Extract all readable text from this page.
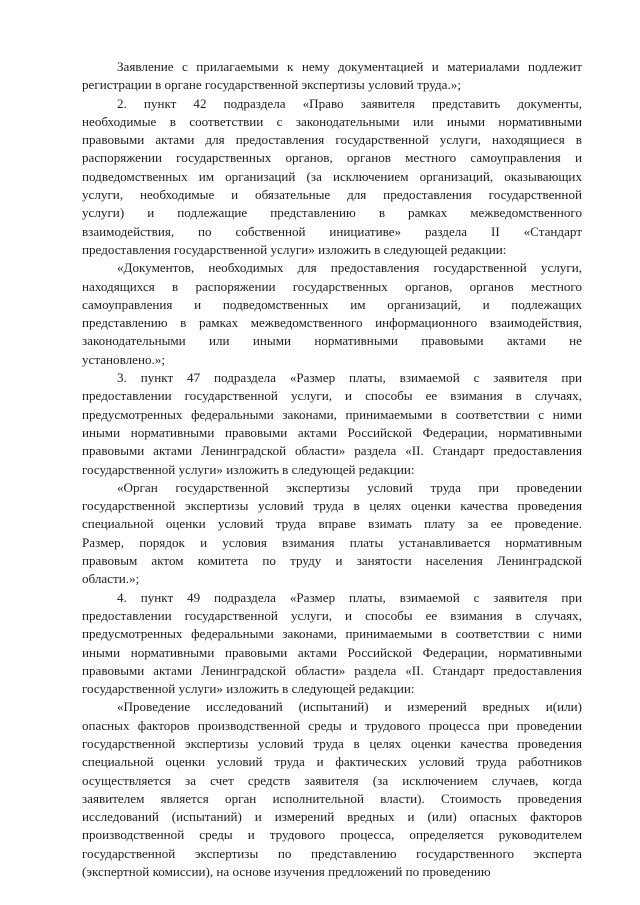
Заявление с прилагаемыми к нему документацией и материалами подлежит
регистрации в органе государственной экспертизы условий труда.»;
2. пункт 42 подраздела «Право заявителя представить документы,
необходимые в соответствии с законодательными или иными нормативными
правовыми актами для предоставления государственной услуги, находящиеся в
распоряжении государственных органов, органов местного самоуправления и
подведомственных им организаций (за исключением организаций, оказывающих
услуги, необходимые и обязательные для предоставления государственной
услуги) и подлежащие представлению в рамках межведомственного
взаимодействия, по собственной инициативе» раздела II «Стандарт
предоставления государственной услуги» изложить в следующей редакции:
«Документов, необходимых для предоставления государственной услуги,
находящихся в распоряжении государственных органов, органов местного
самоуправления и подведомственных им организаций, и подлежащих
представлению в рамках межведомственного информационного взаимодействия,
законодательными или иными нормативными правовыми актами не
установлено.»;
3. пункт 47 подраздела «Размер платы, взимаемой с заявителя при
предоставлении государственной услуги, и способы ее взимания в случаях,
предусмотренных федеральными законами, принимаемыми в соответствии с ними
иными нормативными правовыми актами Российской Федерации, нормативными
правовыми актами Ленинградской области» раздела «II. Стандарт предоставления
государственной услуги» изложить в следующей редакции:
«Орган государственной экспертизы условий труда при проведении
государственной экспертизы условий труда в целях оценки качества проведения
специальной оценки условий труда вправе взимать плату за ее проведение.
Размер, порядок и условия взимания платы устанавливается нормативным
правовым актом комитета по труду и занятости населения Ленинградской
области.»;
4. пункт 49 подраздела «Размер платы, взимаемой с заявителя при
предоставлении государственной услуги, и способы ее взимания в случаях,
предусмотренных федеральными законами, принимаемыми в соответствии с ними
иными нормативными правовыми актами Российской Федерации, нормативными
правовыми актами Ленинградской области» раздела «II. Стандарт предоставления
государственной услуги» изложить в следующей редакции:
«Проведение исследований (испытаний) и измерений вредных и(или)
опасных факторов производственной среды и трудового процесса при проведении
государственной экспертизы условий труда в целях оценки качества проведения
специальной оценки условий труда и фактических условий труда работников
осуществляется за счет средств заявителя (за исключением случаев, когда
заявителем является орган исполнительной власти). Стоимость проведения
исследований (испытаний) и измерений вредных и (или) опасных факторов
производственной среды и трудового процесса, определяется руководителем
государственной экспертизы по представлению государственного эксперта
(экспертной комиссии), на основе изучения предложений по проведению
